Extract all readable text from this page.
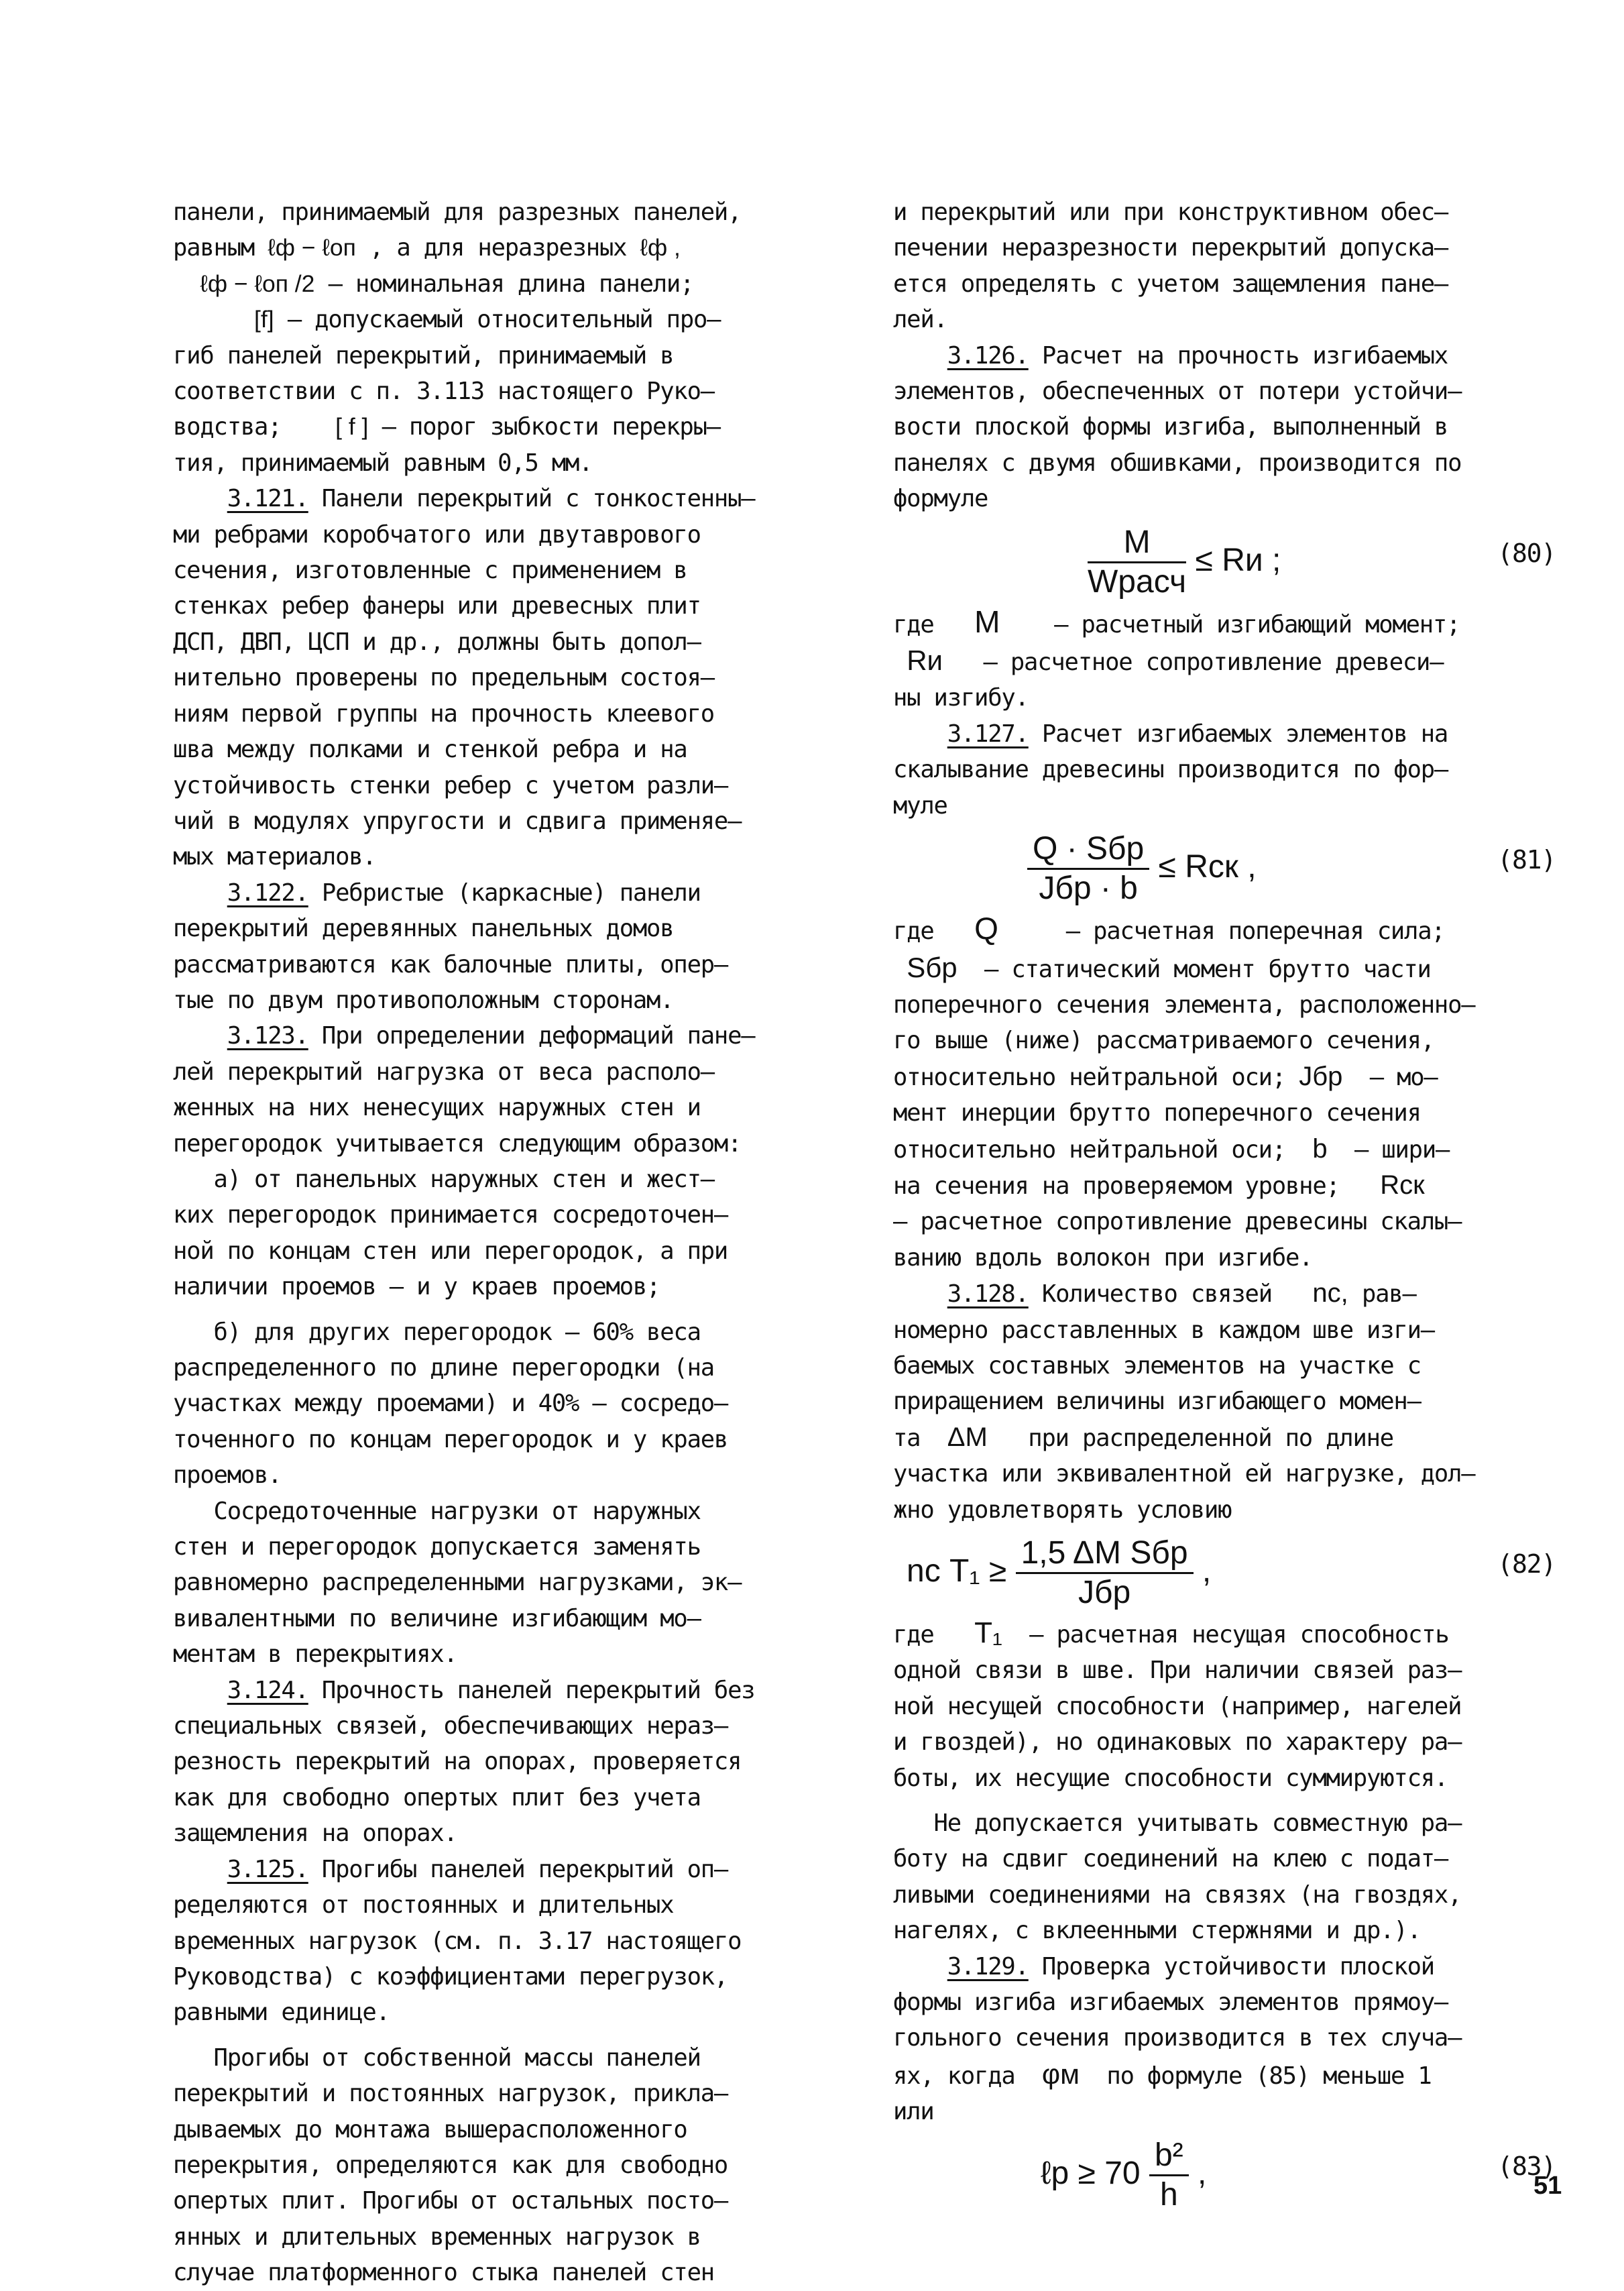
панели, принимаемый для разрезных панелей,

равным ℓф − ℓоп , а для неразрезных ℓф ,

ℓф − ℓоп /2 – номинальная длина панели;

[f] – допускаемый относительный про–

гиб панелей перекрытий, принимаемый в

соответствии с п. 3.113 настоящего Руко–

водства; [ f ] – порог зыбкости перекры–

тия, принимаемый равным 0,5 мм.

3.121. Панели перекрытий с тонкостенны–

ми ребрами коробчатого или двутаврового

сечения, изготовленные с применением в

стенках ребер фанеры или древесных плит

ДСП, ДВП, ЦСП и др., должны быть допол–

нительно проверены по предельным состоя–

ниям первой группы на прочность клеевого

шва между полками и стенкой ребра и на

устойчивость стенки ребер с учетом разли–

чий в модулях упругости и сдвига применяе–

мых материалов.

3.122. Ребристые (каркасные) панели

перекрытий деревянных панельных домов

рассматриваются как балочные плиты, опер–

тые по двум противоположным сторонам.

3.123. При определении деформаций пане–

лей перекрытий нагрузка от веса располо–

женных на них ненесущих наружных стен и

перегородок учитывается следующим образом:

а) от панельных наружных стен и жест–

ких перегородок принимается сосредоточен–

ной по концам стен или перегородок, а при

наличии проемов – и у краев проемов;

б) для других перегородок – 60% веса

распределенного по длине перегородки (на

участках между проемами) и 40% – сосредо–

точенного по концам перегородок и у краев

проемов.

Сосредоточенные нагрузки от наружных

стен и перегородок допускается заменять

равномерно распределенными нагрузками, эк–

вивалентными по величине изгибающим мо–

ментам в перекрытиях.

3.124. Прочность панелей перекрытий без

специальных связей, обеспечивающих нераз–

резность перекрытий на опорах, проверяется

как для свободно опертых плит без учета

защемления на опорах.

3.125. Прогибы панелей перекрытий оп–

ределяются от постоянных и длительных

временных нагрузок (см. п. 3.17 настоящего

Руководства) с коэффициентами перегрузок,

равными единице.

Прогибы от собственной массы панелей

перекрытий и постоянных нагрузок, прикла–

дываемых до монтажа вышерасположенного

перекрытия, определяются как для свободно

опертых плит. Прогибы от остальных посто–

янных и длительных временных нагрузок в

случае платформенного стыка панелей стен

и перекрытий или при конструктивном обес–

печении неразрезности перекрытий допуска–

ется определять с учетом защемления пане–

лей.

3.126. Расчет на прочность изгибаемых

элементов, обеспеченных от потери устойчи–

вости плоской формы изгиба, выполненный в

панелях с двумя обшивками, производится по

формуле

$\frac{M}{\text{Wрасч}}$ ≤ Rи ;	(80)

где M    – расчетный изгибающий момент;

Rи   – расчетное сопротивление древеси–

ны изгибу.

3.127. Расчет изгибаемых элементов на

скалывание древесины производится по фор–

муле

$\frac{\text{Q · Sбр}}{\text{Jбр · b}}$ ≤ Rск ,	(81)

где Q     – расчетная поперечная сила;

Sбр  – статический момент брутто части

поперечного сечения элемента, расположенно–

го выше (ниже) рассматриваемого сечения,

относительно нейтральной оси; Jбр  – мо–

мент инерции брутто поперечного сечения

относительно нейтральной оси; b  – шири–

на сечения на проверяемом уровне; Rск

– расчетное сопротивление древесины скалы–

ванию вдоль волокон при изгибе.

3.128. Количество связей nс, рав–

номерно расставленных в каждом шве изги–

баемых составных элементов на участке с

приращением величины изгибающего момен–

та ΔM   при распределенной по длине

участка или эквивалентной ей нагрузке, дол–

жно удовлетворять условию

nс $T_1 \ge \frac{\text{1,5 ΔM Sбр}}{\text{Jбр}}$ ,	(82)

где T₁  – расчетная несущая способность

одной связи в шве. При наличии связей раз–

ной несущей способности (например, нагелей

и гвоздей), но одинаковых по характеру ра–

боты, их несущие способности суммируются.

Не допускается учитывать совместную ра–

боту на сдвиг соединений на клею с подат–

ливыми соединениями на связях (на гвоздях,

нагелях, с вклеенными стержнями и др.).

3.129. Проверка устойчивости плоской

формы изгиба изгибаемых элементов прямоу–

гольного сечения производится в тех случа–

ях, когда φм  по формуле (85) меньше 1

или

ℓр ≥ $70 \frac{\text{b²}}{h}$ ,	(83)
51
